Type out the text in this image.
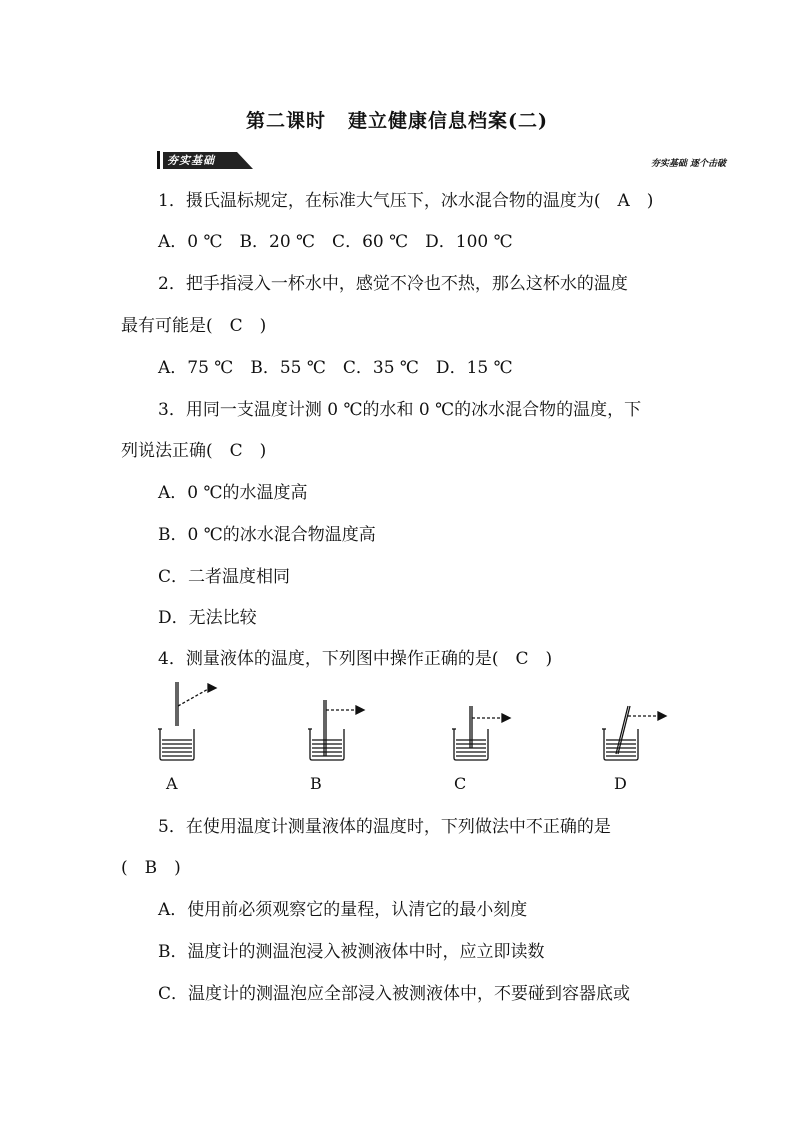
第二课时 建立健康信息档案(二)
夯实基础	夯实基础 逐个击破
1．摄氏温标规定，在标准大气压下，冰水混合物的温度为(　A　)
A．0 ℃　B．20 ℃　C．60 ℃　D．100 ℃
2．把手指浸入一杯水中，感觉不冷也不热，那么这杯水的温度
最有可能是(　C　)
A．75 ℃　B．55 ℃　C．35 ℃　D．15 ℃
3．用同一支温度计测 0 ℃的水和 0 ℃的冰水混合物的温度，下
列说法正确(　C　)
A．0 ℃的水温度高
B．0 ℃的冰水混合物温度高
C．二者温度相同
D．无法比较
4．测量液体的温度，下列图中操作正确的是(　C　)
A	B	C	D
5．在使用温度计测量液体的温度时，下列做法中不正确的是
(　B　)
A．使用前必须观察它的量程，认清它的最小刻度
B．温度计的测温泡浸入被测液体中时，应立即读数
C．温度计的测温泡应全部浸入被测液体中，不要碰到容器底或
